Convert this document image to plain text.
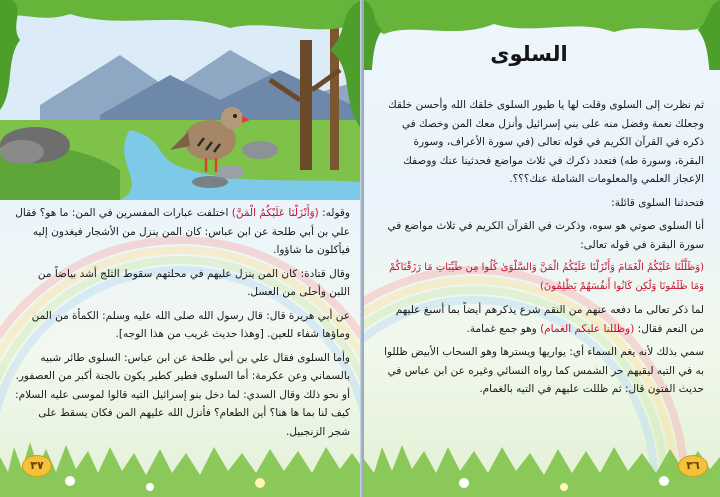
وقوله: (وَأَنْزَلْنَا عَلَيْكُمُ الْمَنَّ) اختلفت عبارات المفسرين في المن: ما هو؟ فقال علي بن أبي طلحة عن ابن عباس: كان المن ينزل من الأشجار فيغدون إليه فيأكلون ما شاؤوا.

وقال قتادة: كان المن ينزل عليهم في محلتهم سقوط الثلج أشد بياضاً من اللبن وأحلى من العسل.

عن أبي هريرة قال: قال رسول الله صلى الله عليه وسلم: الكمأة من المن وماؤها شفاء للعين. [وهذا حديث غريب من هذا الوجه].

وأما السلوى فقال علي بن أبي طلحة عن ابن عباس: السلوى طائر شبيه بالسماني وعن عكرمة: أما السلوى فطير كطير يكون بالجنة أكبر من العصفور. أو نحو ذلك وقال السدي: لما دخل بنو إسرائيل التيه قالوا لموسى عليه السلام: كيف لنا بما ها هنا؟ أين الطعام؟ فأنزل الله عليهم المن فكان يسقط على شجر الزنجبيل.

٣٧	٣٦
السلوى

ثم نظرت إلى السلوى وقلت لها يا طيور السلوى خلقك الله وأحسن خلقك وجعلك نعمة وفضل منه على بني إسرائيل وأنزل معك المن وخصك في ذكره في القرآن الكريم في قوله تعالى (في سورة الأعراف، وسورة البقرة، وسورة طه) فتعدد ذكرك في ثلاث مواضع فحدثينا عنك ووصفك الإعجاز العلمي والمعلومات الشاملة عنك؟؟؟.

فتحدثنا السلوى قائلة:

أنا السلوى صوتي هو سوه، وذكرت في القرآن الكريم في ثلاث مواضع في سورة البقرة في قوله تعالى:

(وَظَلَّلْنَا عَلَيْكُمُ الْغَمَامَ وَأَنْزَلْنَا عَلَيْكُمُ الْمَنَّ وَالسَّلْوَىٰ كُلُوا مِن طَيِّبَاتِ مَا رَزَقْنَاكُمْ وَمَا ظَلَمُونَا وَلَٰكِن كَانُوا أَنفُسَهُمْ يَظْلِمُونَ)

لما ذكر تعالى ما دفعه عنهم من النقم شرع يذكرهم أيضاً بما أسبغ عليهم من النعم فقال: (وظللنا عليكم الغمام) وهو جمع غمامة.

سمي بذلك لأنه يغم السماء أي: يواريها ويسترها وهو السحاب الأبيض ظللوا به في التيه ليقيهم حر الشمس كما رواه النسائي وغيره عن ابن عباس في حديث الفتون قال: ثم ظللت عليهم في التيه بالغمام.
